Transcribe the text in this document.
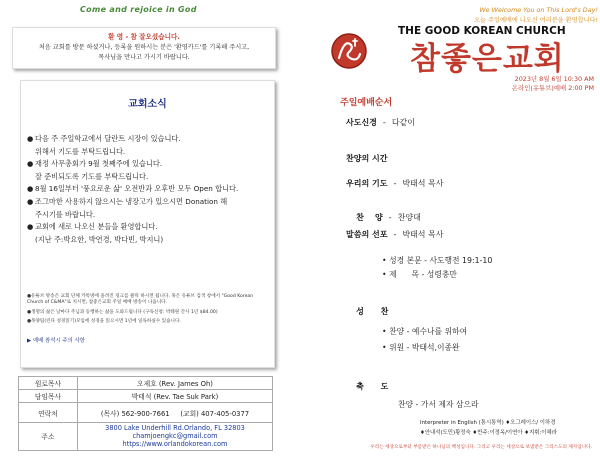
Come and rejoice in God
환 영 - 참 잘오셨습니다.
처음 교회를 방문 하셨거나, 등록을 원하시는 분은 '환영카드'를 기록해 주시고,
목사님을 만나고 가시기 바랍니다.
교회소식
● 다음 주 주일학교에서 달란트 시장이 있습니다.
위해서 기도를 부탁드립니다.
● 재정 사무총회가 9월 첫째주에 있습니다.
잘 준비되도록 기도를 부탁드립니다.
● 8월 16일부터 '풍요로운 삶' 오전반과 오후반 모두 Open 합니다.
● 조그마한 사용하지 않으시는 냉장고가 있으시면 Donation 해
주시기를 바랍니다.
● 교회에 새로 나오신 분들을 환영합니다.
(지난 주:박요한, 박연경, 박다빈, 박지니)
●유튜브 방송은 교회 단체 카톡방에 올려진 링크를 클릭 하시면 됩니다. 혹은 유튜브 검색 창에서 "Good Korean Church of C&MA"로 치시면, 참좋은교회 주일 예배 방송이 나옵니다.
●생명의 삶은 날마다 주님과 동행하는 삶을 도와드립니다 (구독신청: 박태원 간사 1년 $84.00)
●목양팀(린다 성경읽기)모임에 성경을 읽으시면 1년에 일독하실수 있습니다.
▶ 예배 참석시 주의 사항
원로목사	오제호 (Rev. James Oh)
담임목사	박태석 (Rev. Tae Suk Park)
연락처	(목사) 562-900-7661     (교회) 407-405-0377
주소	3800 Lake Underhill Rd.Orlando, FL 32803
chamjoengkc@gmail.com
https://www.orlandokorean.com
We Welcome You on This Lord's Day!
오늘 주일예배에 나오신 여러분을 환영합니다!
THE GOOD KOREAN CHURCH
참좋은교회
2023년 8월 6일 10:30 AM
온라인(유튜브)예배 2:00 PM
주일예배순서
사도신경 - 다같이
찬양의 시간
우리의 기도 - 박태석 목사

찬    양 - 찬양대

말씀의 선포 - 박태석 목사
• 성경 본문 - 사도행전 19:1-10
• 제      목 - 성령충만

성      찬

• 찬양 - 예수나를 위하여
• 위원 - 박태석,이종완

축      도

찬양 - 가서 제자 삼으라
Interpreter in English (통시통역) ♦오그레이스/ 이하경
♦안내석(도민)황정숙 ♦반주:이정옥/이연아 ♦지휘:이혜라
우리는 세상으로부터 부름받은 하나님의 백성입니다. 그리고 우리는 세상으로 보냄받은 그리스도의 제자입니다.
